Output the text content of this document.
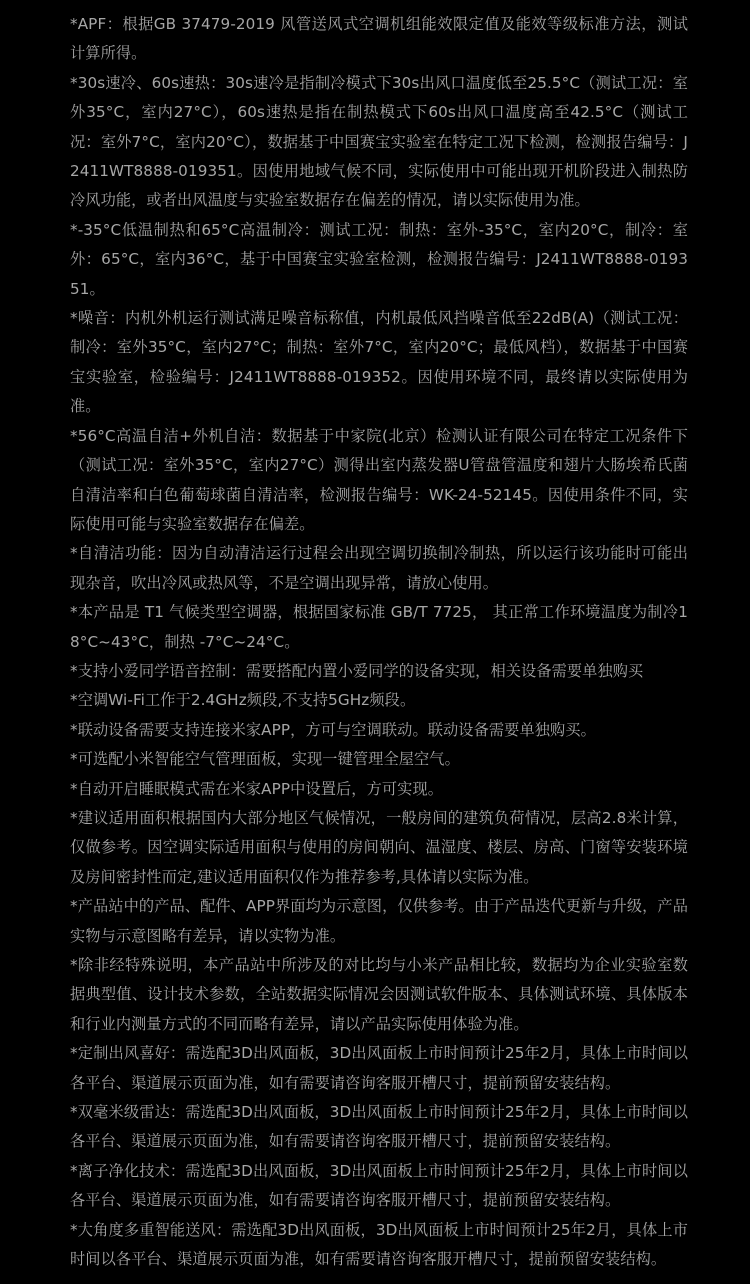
*APF：根据GB 37479-2019 风管送风式空调机组能效限定值及能效等级标准方法，测试计算所得。
*30s速冷、60s速热：30s速冷是指制冷模式下30s出风口温度低至25.5°C（测试工况：室外35°C，室内27°C），60s速热是指在制热模式下60s出风口温度高至42.5°C（测试工况：室外7°C，室内20°C），数据基于中国赛宝实验室在特定工况下检测，检测报告编号：J2411WT8888-019351。因使用地域气候不同，实际使用中可能出现开机阶段进入制热防冷风功能，或者出风温度与实验室数据存在偏差的情况，请以实际使用为准。
*-35°C低温制热和65°C高温制冷：测试工况：制热：室外-35°C，室内20°C，制冷：室外：65°C，室内36°C，基于中国赛宝实验室检测，检测报告编号：J2411WT8888-019351。
*噪音：内机外机运行测试满足噪音标称值，内机最低风挡噪音低至22dB(A)（测试工况：制冷：室外35°C，室内27°C；制热：室外7°C，室内20°C；最低风档），数据基于中国赛宝实验室，检验编号：J2411WT8888-019352。因使用环境不同，最终请以实际使用为准。
*56°C高温自洁+外机自洁：数据基于中家院(北京）检测认证有限公司在特定工况条件下（测试工况：室外35°C，室内27°C）测得出室内蒸发器U管盘管温度和翅片大肠埃希氏菌自清洁率和白色葡萄球菌自清洁率，检测报告编号：WK-24-52145。因使用条件不同，实际使用可能与实验室数据存在偏差。
*自清洁功能：因为自动清洁运行过程会出现空调切换制冷制热，所以运行该功能时可能出现杂音，吹出冷风或热风等，不是空调出现异常，请放心使用。
*本产品是 T1 气候类型空调器，根据国家标准 GB/T 7725， 其正常工作环境温度为制冷18°C~43°C，制热 -7°C~24°C。
*支持小爱同学语音控制：需要搭配内置小爱同学的设备实现，相关设备需要单独购买
*空调Wi-Fi工作于2.4GHz频段,不支持5GHz频段。
*联动设备需要支持连接米家APP，方可与空调联动。联动设备需要单独购买。
*可选配小米智能空气管理面板，实现一键管理全屋空气。
*自动开启睡眠模式需在米家APP中设置后，方可实现。
*建议适用面积根据国内大部分地区气候情况，一般房间的建筑负荷情况，层高2.8米计算，仅做参考。因空调实际适用面积与使用的房间朝向、温湿度、楼层、房高、门窗等安装环境及房间密封性而定,建议适用面积仅作为推荐参考,具体请以实际为准。
*产品站中的产品、配件、APP界面均为示意图，仅供参考。由于产品迭代更新与升级，产品实物与示意图略有差异，请以实物为准。
*除非经特殊说明，本产品站中所涉及的对比均与小米产品相比较，数据均为企业实验室数据典型值、设计技术参数，全站数据实际情况会因测试软件版本、具体测试环境、具体版本和行业内测量方式的不同而略有差异，请以产品实际使用体验为准。
*定制出风喜好：需选配3D出风面板，3D出风面板上市时间预计25年2月，具体上市时间以各平台、渠道展示页面为准，如有需要请咨询客服开槽尺寸，提前预留安装结构。
*双毫米级雷达：需选配3D出风面板，3D出风面板上市时间预计25年2月，具体上市时间以各平台、渠道展示页面为准，如有需要请咨询客服开槽尺寸，提前预留安装结构。
*离子净化技术：需选配3D出风面板，3D出风面板上市时间预计25年2月，具体上市时间以各平台、渠道展示页面为准，如有需要请咨询客服开槽尺寸，提前预留安装结构。
*大角度多重智能送风：需选配3D出风面板，3D出风面板上市时间预计25年2月，具体上市时间以各平台、渠道展示页面为准，如有需要请咨询客服开槽尺寸，提前预留安装结构。
